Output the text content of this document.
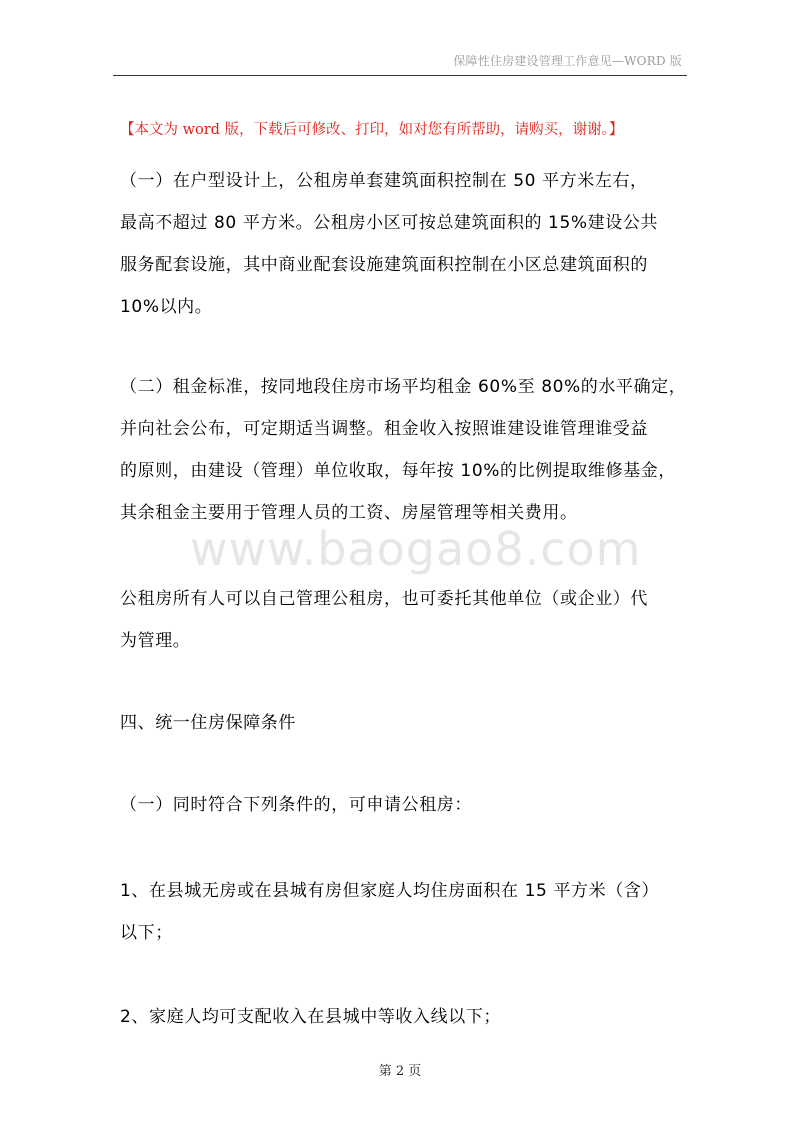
保障性住房建设管理工作意见—WORD 版
【本文为 word 版，下载后可修改、打印，如对您有所帮助，请购买，谢谢。】
www.baogao8.com
（一）在户型设计上，公租房单套建筑面积控制在 50 平方米左右，
最高不超过 80 平方米。公租房小区可按总建筑面积的 15%建设公共
服务配套设施，其中商业配套设施建筑面积控制在小区总建筑面积的
10%以内。
（二）租金标准，按同地段住房市场平均租金 60%至 80%的水平确定，
并向社会公布，可定期适当调整。租金收入按照谁建设谁管理谁受益
的原则，由建设（管理）单位收取，每年按 10%的比例提取维修基金，
其余租金主要用于管理人员的工资、房屋管理等相关费用。
公租房所有人可以自己管理公租房，也可委托其他单位（或企业）代
为管理。
四、统一住房保障条件
（一）同时符合下列条件的，可申请公租房：
1、在县城无房或在县城有房但家庭人均住房面积在 15 平方米（含）
以下；
2、家庭人均可支配收入在县城中等收入线以下；
第 2 页
